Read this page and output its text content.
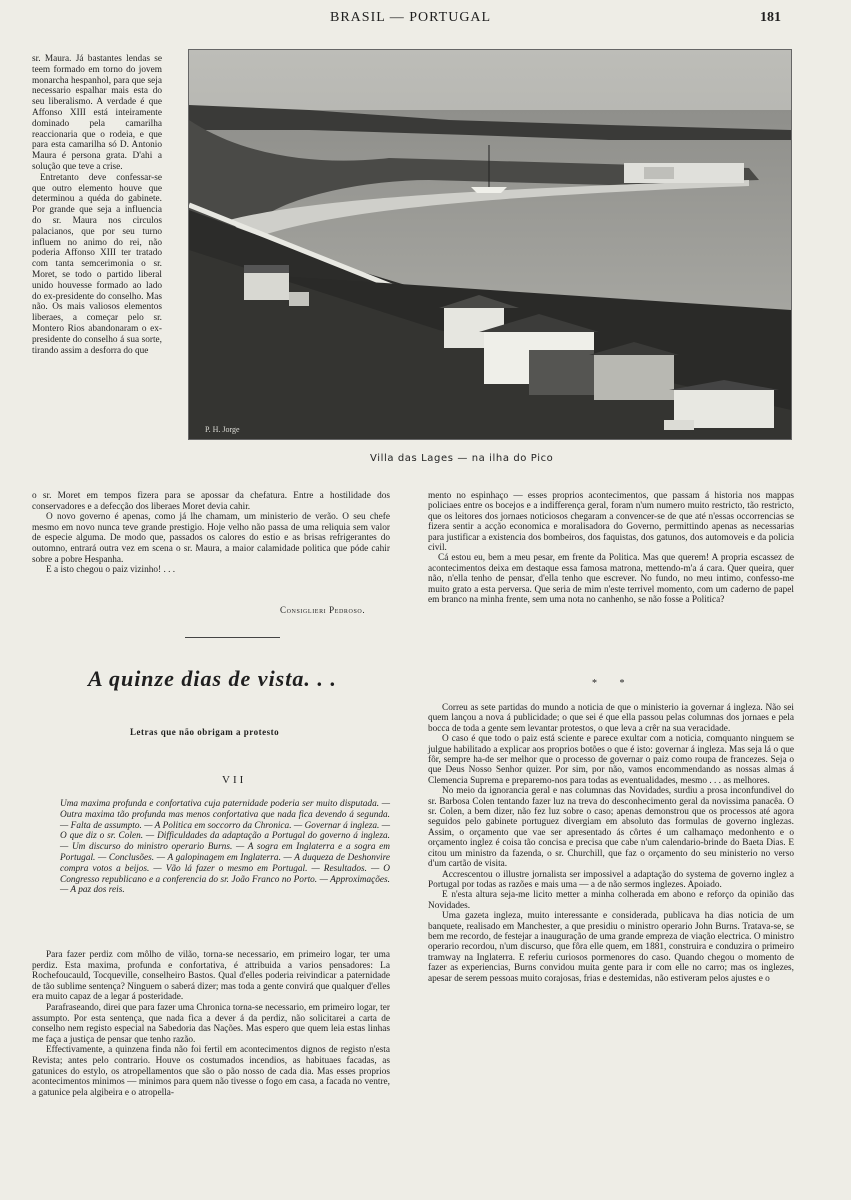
BRASIL — PORTUGAL	181

sr. Maura. Já bastantes lendas se teem formado em torno do jovem monarcha hespanhol, para que seja necessario espalhar mais esta do seu liberalismo. A verdade é que Affonso XIII está inteiramente dominado pela camarilha reaccionaria que o rodeia, e que para esta camarilha só D. Antonio Maura é persona grata. D'ahi a solução que teve a crise.

Entretanto deve confessar-se que outro elemento houve que determinou a quéda do gabinete. Por grande que seja a influencia do sr. Maura nos circulos palacianos, que por seu turno influem no animo do rei, não poderia Affonso XIII ter tratado com tanta semcerimonia o sr. Moret, se todo o partido liberal unido houvesse formado ao lado do ex-presidente do conselho. Mas não. Os mais valiosos elementos liberaes, a começar pelo sr. Montero Rios abandonaram o ex-presidente do conselho á sua sorte, tirando assim a desforra do que

P. H. Jorge
Villa das Lages — na ilha do Pico

o sr. Moret em tempos fizera para se apossar da chefatura. Entre a hostilidade dos conservadores e a defecção dos liberaes Moret devia cahir.

O novo governo é apenas, como já lhe chamam, um ministerio de verão. O seu chefe mesmo em novo nunca teve grande prestigio. Hoje velho não passa de uma reliquia sem valor de especie alguma. De modo que, passados os calores do estio e as brisas refrigerantes do outomno, entrará outra vez em scena o sr. Maura, a maior calamidade politica que póde cahir sobre a pobre Hespanha.

E a isto chegou o paiz vizinho! . . .

Consiglieri Pedroso.

mento no espinhaço — esses proprios acontecimentos, que passam á historia nos mappas policiaes entre os bocejos e a indifferença geral, foram n'um numero muito restricto, tão restricto, que os leitores dos jornaes noticiosos chegaram a convencer-se de que até n'essas occorrencias se fizera sentir a acção economica e moralisadora do Governo, permittindo apenas as necessarias para justificar a existencia dos bombeiros, dos faquistas, dos gatunos, dos automoveis e da policia civil.

Cá estou eu, bem a meu pesar, em frente da Politica. Mas que querem! A propria escassez de acontecimentos deixa em destaque essa famosa matrona, mettendo-m'a á cara. Quer queira, quer não, n'ella tenho de pensar, d'ella tenho que escrever. No fundo, no meu intimo, confesso-me muito grato a esta perversa. Que seria de mim n'este terrivel momento, com um caderno de papel em branco na minha frente, sem uma nota no canhenho, se não fosse a Politica?

* *

Correu as sete partidas do mundo a noticia de que o ministerio ia governar á ingleza. Não sei quem lançou a nova á publicidade; o que sei é que ella passou pelas columnas dos jornaes e pela bocca de toda a gente sem levantar protestos, o que leva a crêr na sua veracidade.

O caso é que todo o paiz está sciente e parece exultar com a noticia, comquanto ninguem se julgue habilitado a explicar aos proprios botões o que é isto: governar á ingleza. Mas seja lá o que fôr, sempre ha-de ser melhor que o processo de governar o paiz como roupa de francezes. Seja o que Deus Nosso Senhor quizer. Por sim, por não, vamos encommendando as nossas almas á Clemencia Suprema e preparemo-nos para todas as eventualidades, mesmo . . . as melhores.

No meio da ignorancia geral e nas columnas das Novidades, surdiu a prosa inconfundivel do sr. Barbosa Colen tentando fazer luz na treva do desconhecimento geral da novissima panacêa. O sr. Colen, a bem dizer, não fez luz sobre o caso; apenas demonstrou que os processos até agora seguidos pelo gabinete portuguez divergiam em absoluto das formulas de governo inglezas. Assim, o orçamento que vae ser apresentado ás côrtes é um calhamaço medonhento e o orçamento inglez é coisa tão concisa e precisa que cabe n'um calendario-brinde do Baeta Dias. E citou um ministro da fazenda, o sr. Churchill, que faz o orçamento do seu ministerio no verso d'um cartão de visita.

Accrescentou o illustre jornalista ser impossivel a adaptação do systema de governo inglez a Portugal por todas as razões e mais uma — a de não sermos inglezes. Apoiado.

E n'esta altura seja-me licito metter a minha colherada em abono e reforço da opinião das Novidades.

Uma gazeta ingleza, muito interessante e considerada, publicava ha dias noticia de um banquete, realisado em Manchester, a que presidiu o ministro operario John Burns. Tratava-se, se bem me recordo, de festejar a inauguração de uma grande empreza de viação electrica. O ministro operario recordou, n'um discurso, que fôra elle quem, em 1881, construira e conduzira o primeiro tramway na Inglaterra. E referiu curiosos pormenores do caso. Quando chegou o momento de fazer as experiencias, Burns convidou muita gente para ir com elle no carro; mas os inglezes, apesar de serem pessoas muito corajosas, frias e destemidas, não estiveram pelos ajustes e o

A quinze dias de vista. . .
Letras que não obrigam a protesto
VII

Uma maxima profunda e confortativa cuja paternidade poderia ser muito disputada. — Outra maxima tão profunda mas menos confortativa que nada fica devendo á segunda. — Falta de assumpto. — A Politica em soccorro da Chronica. — Governar á ingleza. — O que diz o sr. Colen. — Difficuldades da adaptação a Portugal do governo á ingleza. — Um discurso do ministro operario Burns. — A sogra em Inglaterra e a sogra em Portugal. — Conclusões. — A galopinagem em Inglaterra. — A duqueza de Deshonvire compra votos a beijos. — Vão lá fazer o mesmo em Portugal. — Resultados. — O Congresso republicano e a conferencia do sr. João Franco no Porto. — Approximações. — A paz dos reis.

Para fazer perdiz com môlho de vilão, torna-se necessario, em primeiro logar, ter uma perdiz. Esta maxima, profunda e confortativa, é attribuida a varios pensadores: La Rochefoucauld, Tocqueville, conselheiro Bastos. Qual d'elles poderia reivindicar a paternidade de tão sublime sentença? Ninguem o saberá dizer; mas toda a gente convirá que qualquer d'elles era muito capaz de a legar á posteridade.

Parafraseando, direi que para fazer uma Chronica torna-se necessario, em primeiro logar, ter assumpto. Por esta sentença, que nada fica a dever á da perdiz, não solicitarei a carta de conselho nem registo especial na Sabedoria das Nações. Mas espero que quem leia estas linhas me faça a justiça de pensar que tenho razão.

Effectivamente, a quinzena finda não foi fertil em acontecimentos dignos de registo n'esta Revista; antes pelo contrario. Houve os costumados incendios, as habituaes facadas, as gatunices do estylo, os atropellamentos que são o pão nosso de cada dia. Mas esses proprios acontecimentos minimos — minimos para quem não tivesse o fogo em casa, a facada no ventre, a gatunice pela algibeira e o atropella-
